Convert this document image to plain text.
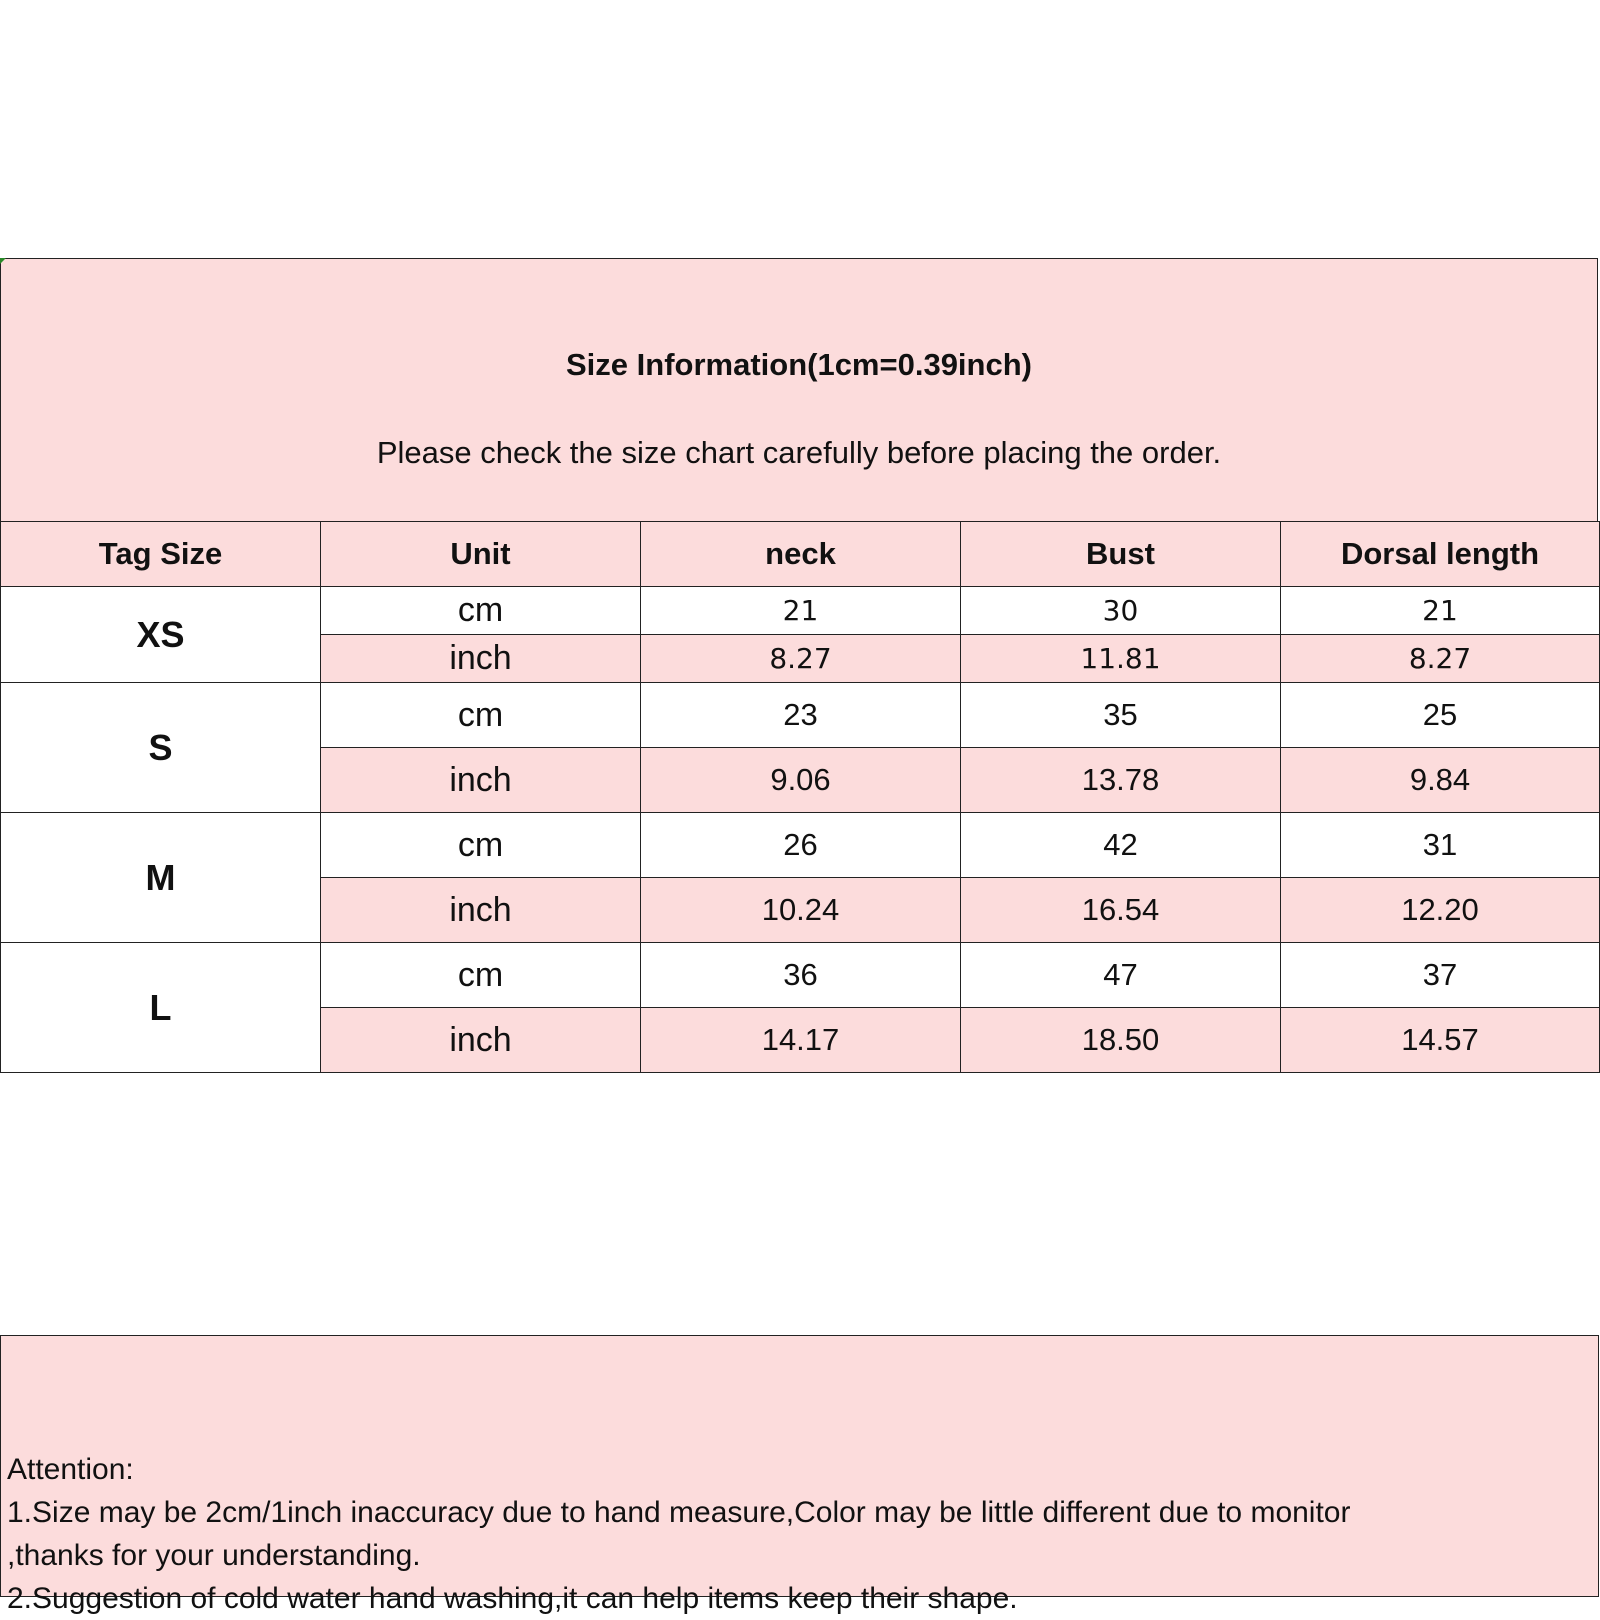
Size Information(1cm=0.39inch)
Please check the size chart carefully before placing the order.
Tag Size	Unit	neck	Bust	Dorsal length
XS	cm	21	30	21
	inch	8.27	11.81	8.27
S	cm	23	35	25
	inch	9.06	13.78	9.84
M	cm	26	42	31
	inch	10.24	16.54	12.20
L	cm	36	47	37
	inch	14.17	18.50	14.57
Attention:
1.Size may be 2cm/1inch inaccuracy due to hand measure,Color may be little different due to monitor
,thanks for your understanding.
2.Suggestion of cold water hand washing,it can help items keep their shape.
